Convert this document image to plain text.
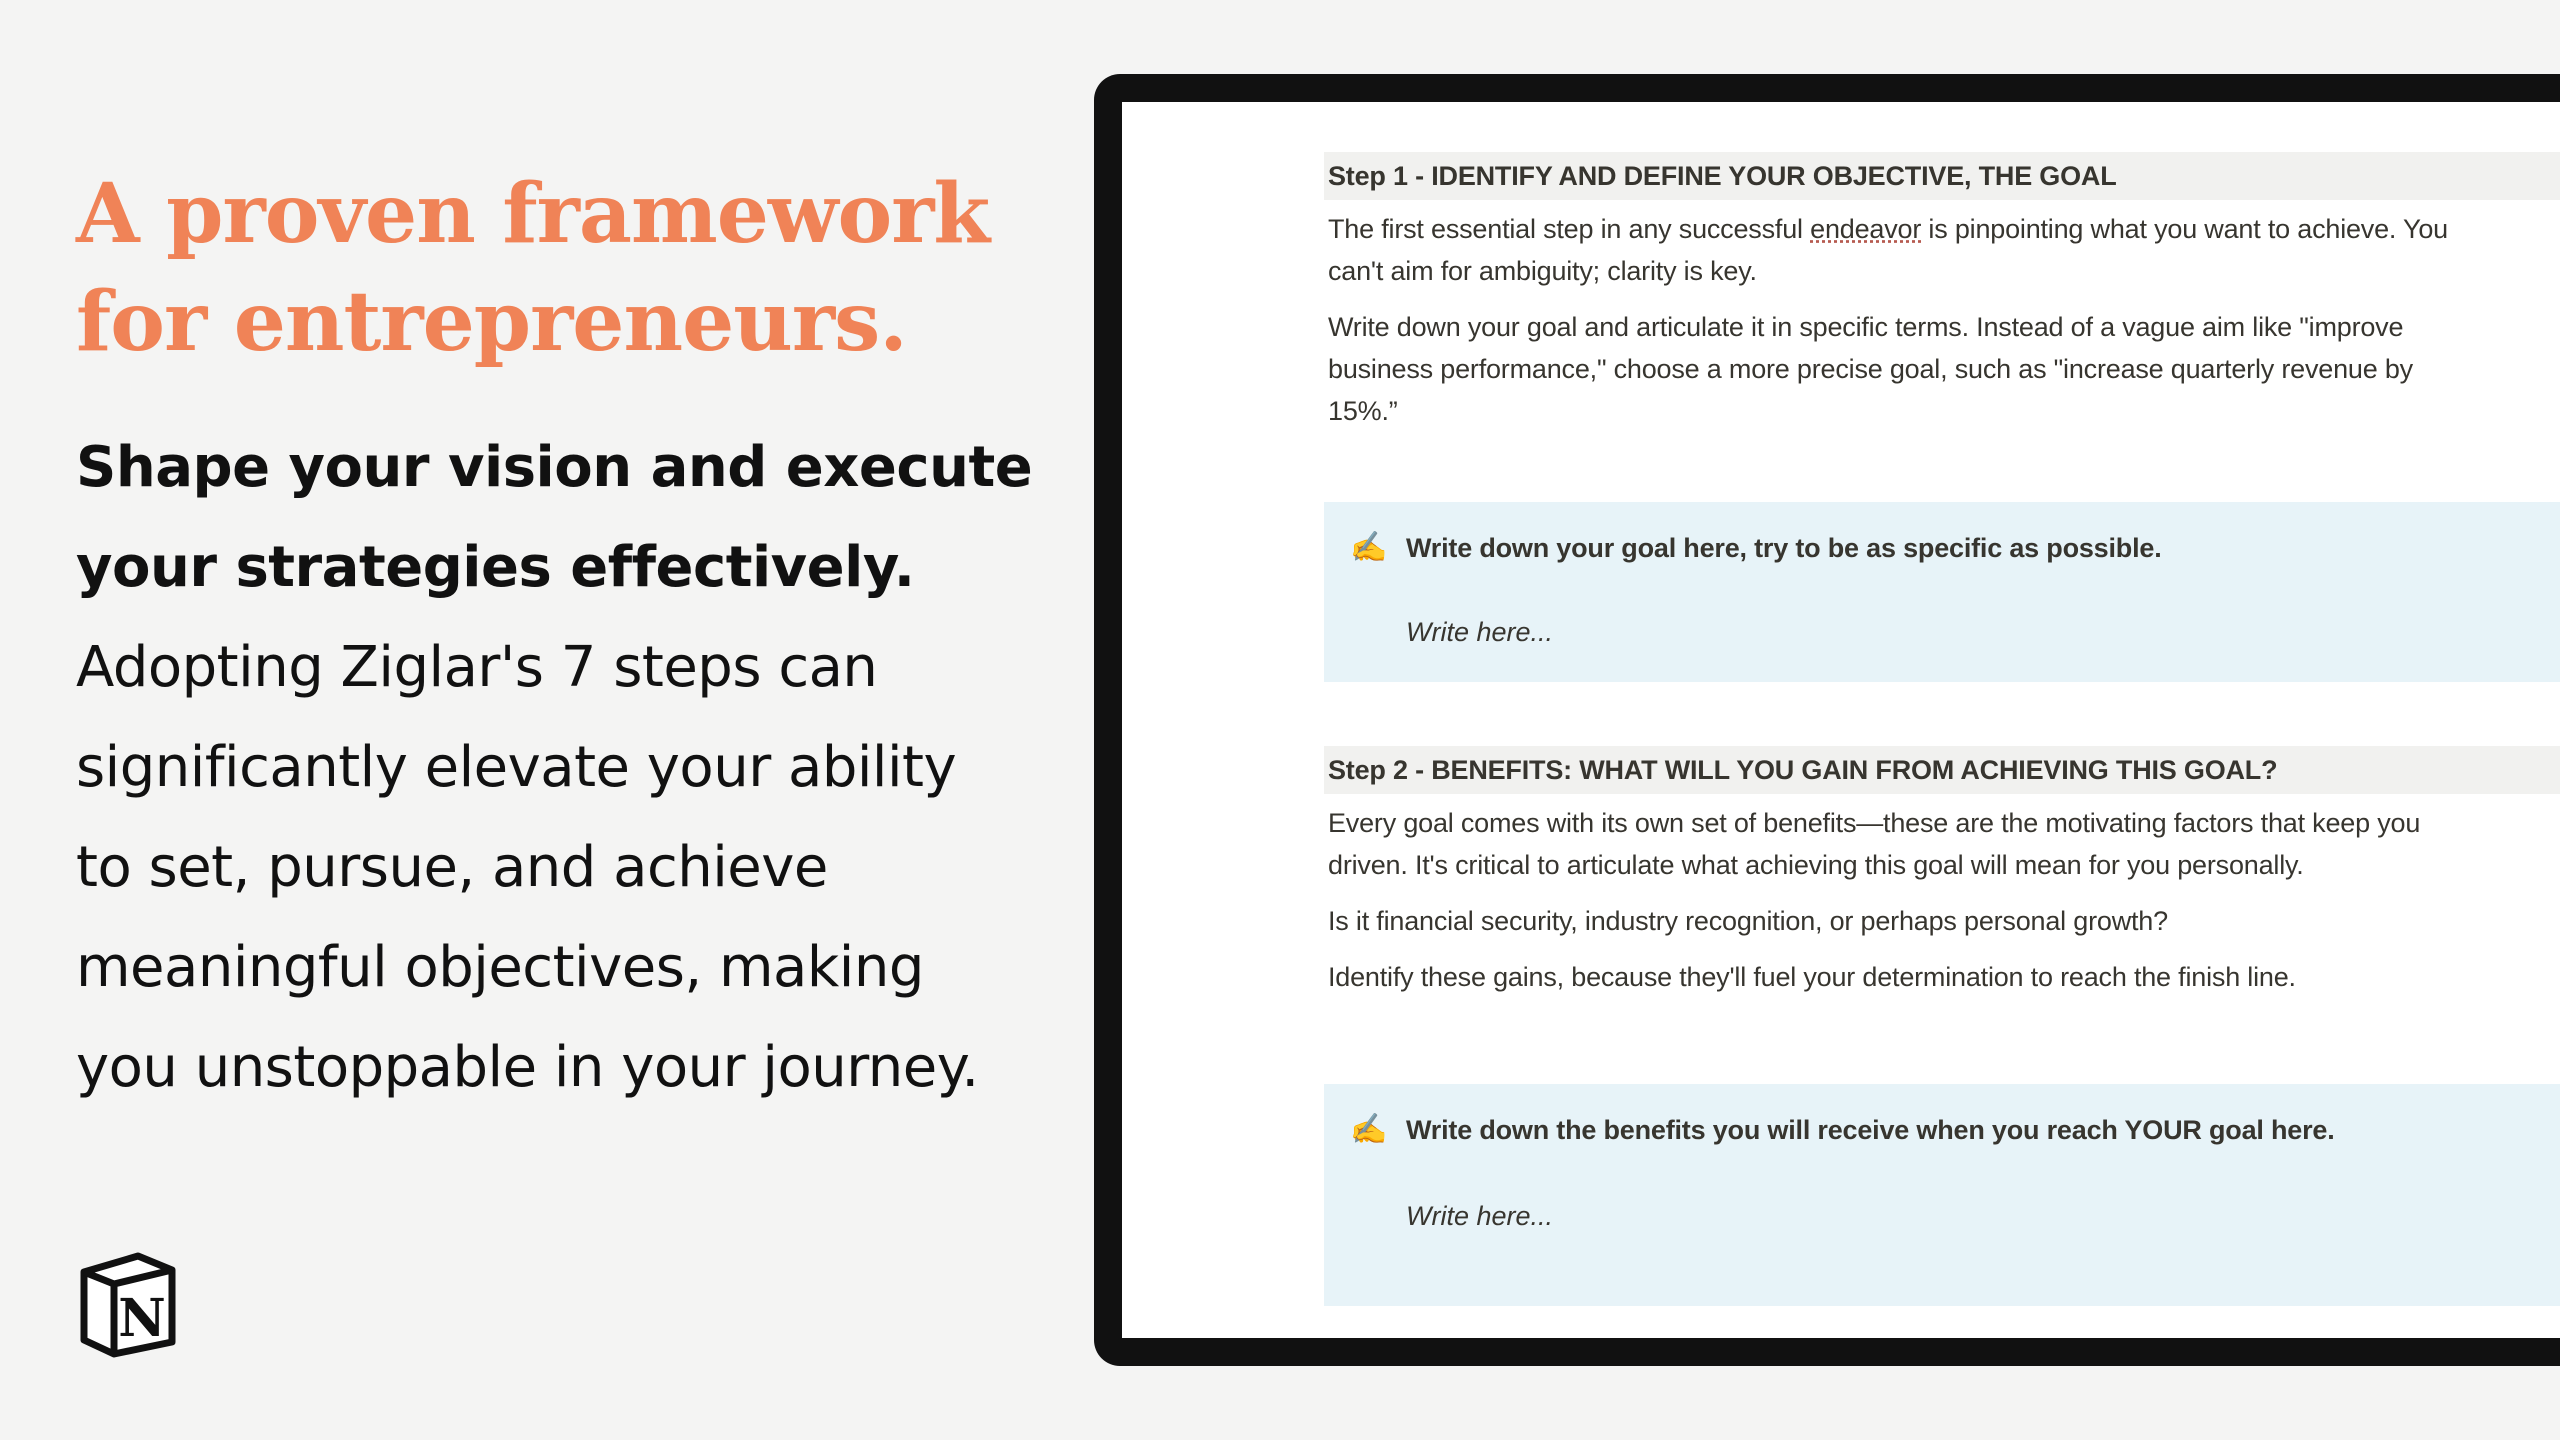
A proven framework
for entrepreneurs.
Shape your vision and execute
your strategies effectively.
Adopting Ziglar's 7 steps can
significantly elevate your ability
to set, pursue, and achieve
meaningful objectives, making
you unstoppable in your journey.
N
Step 1 - IDENTIFY AND DEFINE YOUR OBJECTIVE, THE GOAL
The first essential step in any successful endeavor is pinpointing what you want to achieve. You
can't aim for ambiguity; clarity is key.
Write down your goal and articulate it in specific terms. Instead of a vague aim like "improve
business performance," choose a more precise goal, such as "increase quarterly revenue by
15%.”
✍️ Write down your goal here, try to be as specific as possible.
Write here...
Step 2 - BENEFITS: WHAT WILL YOU GAIN FROM ACHIEVING THIS GOAL?
Every goal comes with its own set of benefits—these are the motivating factors that keep you
driven. It's critical to articulate what achieving this goal will mean for you personally.
Is it financial security, industry recognition, or perhaps personal growth?
Identify these gains, because they'll fuel your determination to reach the finish line.
✍️ Write down the benefits you will receive when you reach YOUR goal here.
Write here...
